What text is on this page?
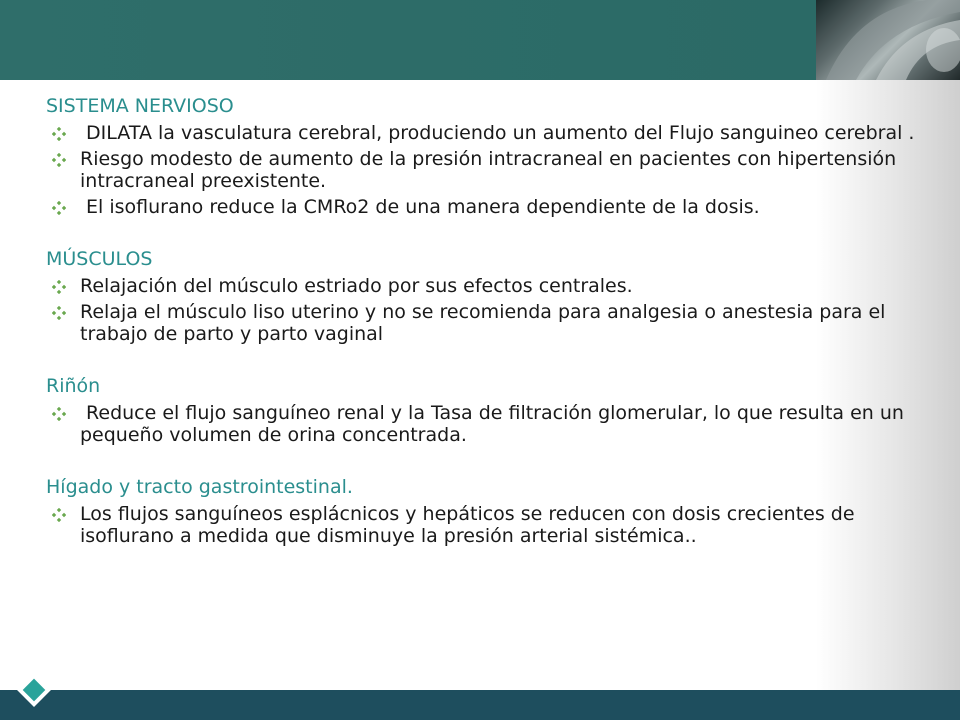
SISTEMA NERVIOSO
DILATA la vasculatura cerebral, produciendo un aumento del Flujo sanguineo cerebral .
Riesgo modesto de aumento de la presión intracraneal en pacientes con hipertensión intracraneal preexistente.
El isoflurano reduce la CMRo2 de una manera dependiente de la dosis.
MÚSCULOS
Relajación del músculo estriado por sus efectos centrales.
Relaja el músculo liso uterino y no se recomienda para analgesia o anestesia para el trabajo de parto y parto vaginal
Riñón
Reduce el flujo sanguíneo renal y la Tasa de filtración glomerular, lo que resulta en un pequeño volumen de orina concentrada.
Hígado y tracto gastrointestinal.
Los flujos sanguíneos esplácnicos y hepáticos se reducen con dosis crecientes de isoflurano a medida que disminuye la presión arterial sistémica..
